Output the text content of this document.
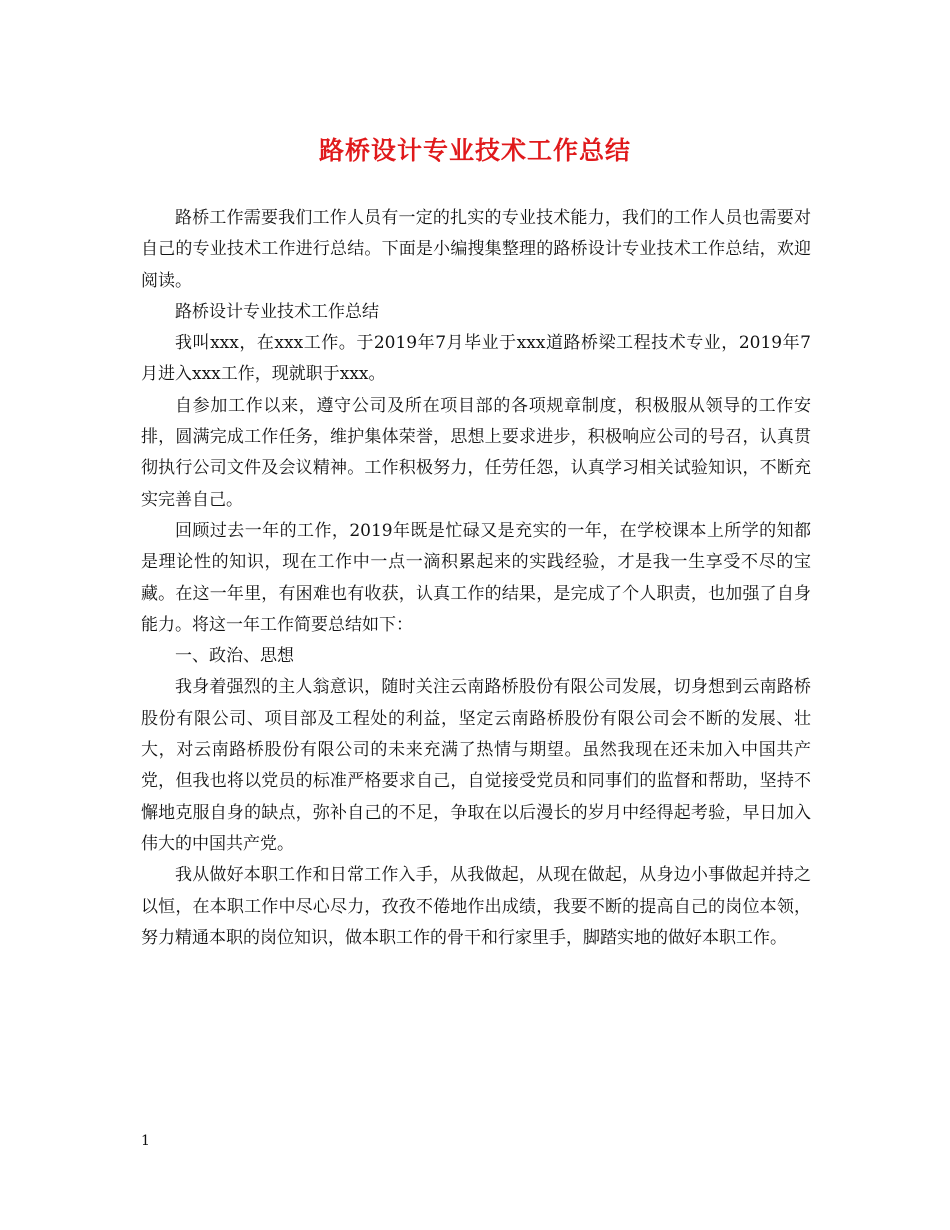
路桥设计专业技术工作总结

路桥工作需要我们工作人员有一定的扎实的专业技术能力，我们的工作人员也需要对自己的专业技术工作进行总结。下面是小编搜集整理的路桥设计专业技术工作总结，欢迎阅读。

路桥设计专业技术工作总结

我叫xxx，在xxx工作。于2019年7月毕业于xxx道路桥梁工程技术专业，2019年7月进入xxx工作，现就职于xxx。

自参加工作以来，遵守公司及所在项目部的各项规章制度，积极服从领导的工作安排，圆满完成工作任务，维护集体荣誉，思想上要求进步，积极响应公司的号召，认真贯彻执行公司文件及会议精神。工作积极努力，任劳任怨，认真学习相关试验知识，不断充实完善自己。

回顾过去一年的工作，2019年既是忙碌又是充实的一年，在学校课本上所学的知都是理论性的知识，现在工作中一点一滴积累起来的实践经验，才是我一生享受不尽的宝藏。在这一年里，有困难也有收获，认真工作的结果，是完成了个人职责，也加强了自身能力。将这一年工作简要总结如下：

一、政治、思想

我身着强烈的主人翁意识，随时关注云南路桥股份有限公司发展，切身想到云南路桥股份有限公司、项目部及工程处的利益，坚定云南路桥股份有限公司会不断的发展、壮大，对云南路桥股份有限公司的未来充满了热情与期望。虽然我现在还未加入中国共产党，但我也将以党员的标准严格要求自己，自觉接受党员和同事们的监督和帮助，坚持不懈地克服自身的缺点，弥补自己的不足，争取在以后漫长的岁月中经得起考验，早日加入伟大的中国共产党。

我从做好本职工作和日常工作入手，从我做起，从现在做起，从身边小事做起并持之以恒，在本职工作中尽心尽力，孜孜不倦地作出成绩，我要不断的提高自己的岗位本领，努力精通本职的岗位知识，做本职工作的骨干和行家里手，脚踏实地的做好本职工作。

1
